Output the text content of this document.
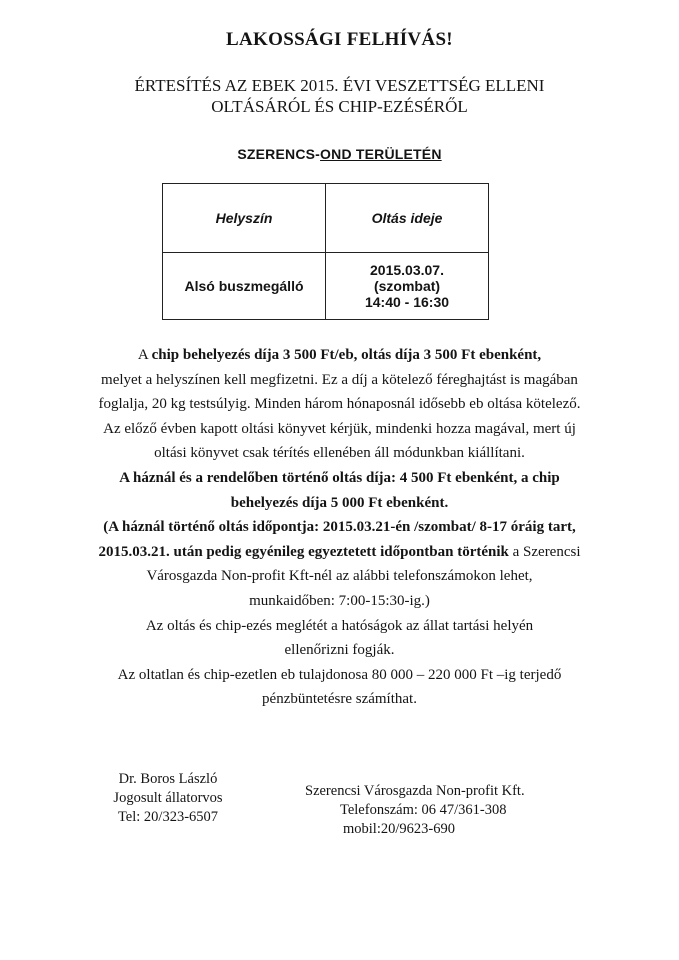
LAKOSSÁGI FELHÍVÁS!
ÉRTESÍTÉS AZ EBEK 2015. ÉVI VESZETTSÉG ELLENI
OLTÁSÁRÓL ÉS CHIP-EZÉSÉRŐL
SZERENCS-OND TERÜLETÉN
Helyszín	Oltás ideje
Alsó buszmegálló	2015.03.07.
(szombat)
14:40 - 16:30

A chip behelyezés díja 3 500 Ft/eb, oltás díja 3 500 Ft ebenként,

melyet a helyszínen kell megfizetni. Ez a díj a kötelező féreghajtást is magában

foglalja, 20 kg testsúlyig. Minden három hónaposnál idősebb eb oltása kötelező.

Az előző évben kapott oltási könyvet kérjük, mindenki hozza magával, mert új

oltási könyvet csak térítés ellenében áll módunkban kiállítani.

A háznál és a rendelőben történő oltás díja: 4 500 Ft ebenként, a chip

behelyezés díja 5 000 Ft ebenként.

(A háznál történő oltás időpontja: 2015.03.21-én /szombat/ 8-17 óráig tart,

2015.03.21. után pedig egyénileg egyeztetett időpontban történik a Szerencsi

Városgazda Non-profit Kft-nél az alábbi telefonszámokon lehet,

munkaidőben: 7:00-15:30-ig.)

Az oltás és chip-ezés meglétét a hatóságok az állat tartási helyén

ellenőrizni fogják.

Az oltatlan és chip-ezetlen eb tulajdonosa 80 000 – 220 000 Ft –ig terjedő

pénzbüntetésre számíthat.

Dr. Boros László
Jogosult állatorvos
Tel: 20/323-6507
Szerencsi Városgazda Non-profit Kft.
Telefonszám: 06 47/361-308
mobil:20/9623-690
